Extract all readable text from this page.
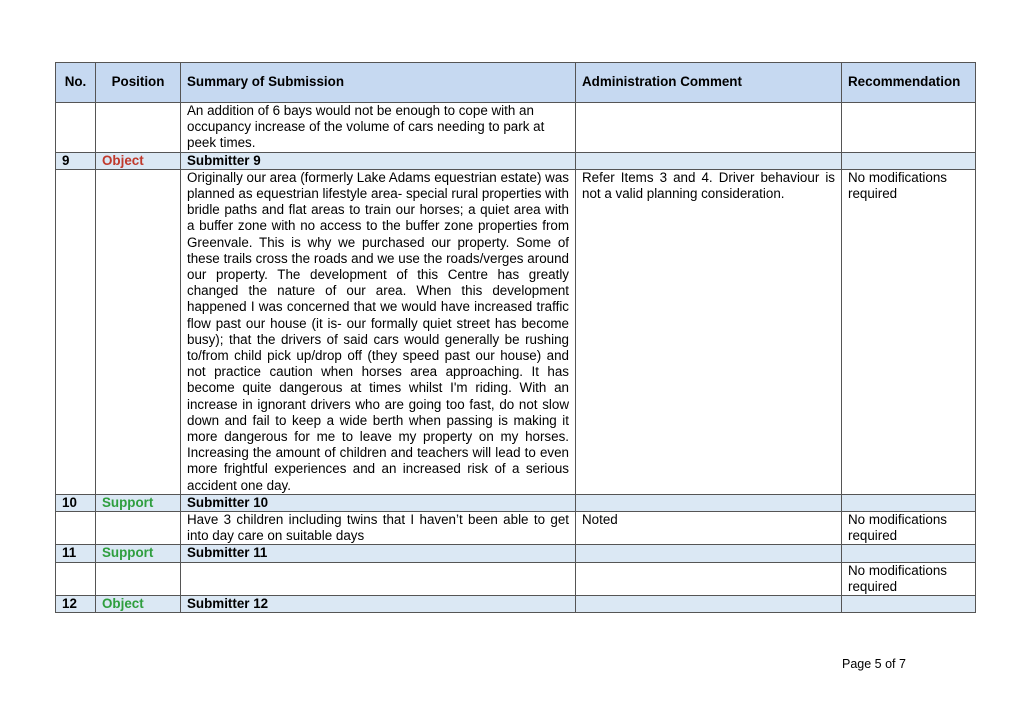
No.	Position	Summary of Submission	Administration Comment	Recommendation
		An addition of 6 bays would not be enough to cope with an occupancy increase of the volume of cars needing to park at peek times.		
9	Object	Submitter 9		
		Originally our area (formerly Lake Adams equestrian estate) was planned as equestrian lifestyle area- special rural properties with bridle paths and flat areas to train our horses; a quiet area with a buffer zone with no access to the buffer zone properties from Greenvale. This is why we purchased our property. Some of these trails cross the roads and we use the roads/verges around our property. The development of this Centre has greatly changed the nature of our area. When this development happened I was concerned that we would have increased traffic flow past our house (it is- our formally quiet street has become busy); that the drivers of said cars would generally be rushing to/from child pick up/drop off (they speed past our house) and not practice caution when horses area approaching. It has become quite dangerous at times whilst I'm riding. With an increase in ignorant drivers who are going too fast, do not slow down and fail to keep a wide berth when passing is making it more dangerous for me to leave my property on my horses. Increasing the amount of children and teachers will lead to even more frightful experiences and an increased risk of a serious accident one day.	Refer Items 3 and 4. Driver behaviour is not a valid planning consideration.	No modifications required
10	Support	Submitter 10		
		Have 3 children including twins that I haven’t been able to get into day care on suitable days	Noted	No modifications required
11	Support	Submitter 11		
				No modifications required
12	Object	Submitter 12		
Page 5 of 7
